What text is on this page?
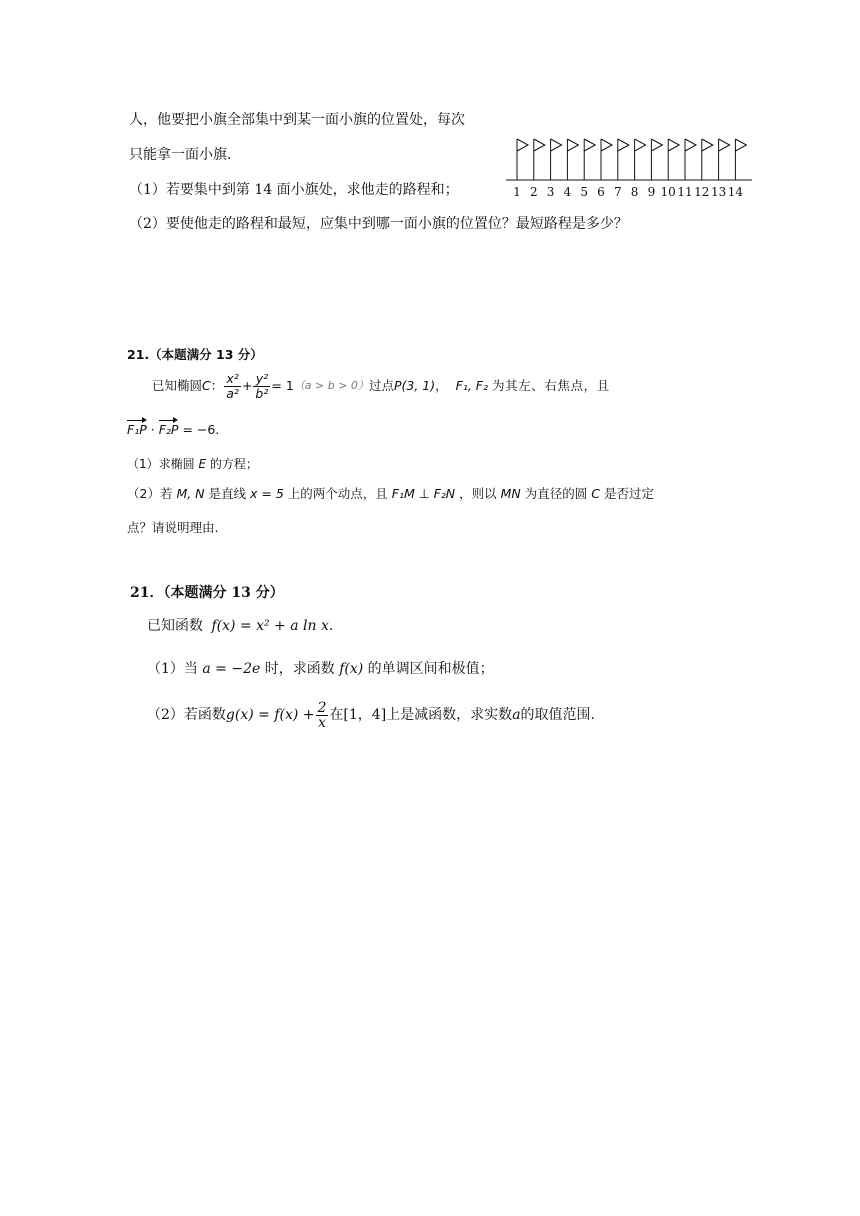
人，他要把小旗全部集中到某一面小旗的位置处，每次
只能拿一面小旗.
（1）若要集中到第 14 面小旗处，求他走的路程和；
（2）要使他走的路程和最短，应集中到哪一面小旗的位置位？最短路程是多少？
1 2 3 4 5 6 7 8 9 10 11 12 13 14
21.（本题满分 13 分）
已知椭圆 C ： $\frac{\text{x²}}{\text{a²}} + \frac{\text{y²}}{\text{b²}} = 1$ （a > b > 0） 过点 P(3, 1) ， F₁, F₂ 为其左、右焦点，且
F₁P · F₂P = −6.
（1）求椭圆 E 的方程；
（2）若 M, N 是直线 x = 5 上的两个动点，且 F₁M ⊥ F₂N ，则以 MN 为直径的圆 C 是否过定
点？请说明理由.
21．（本题满分 13 分）
已知函数 f(x) = x² + a ln x.
（1）当 a = −2e 时，求函数 f(x) 的单调区间和极值；
（2）若函数 $g(x) = f(x) + \frac{2}{x}$ 在[1，4]上是减函数，求实数 a 的取值范围.
